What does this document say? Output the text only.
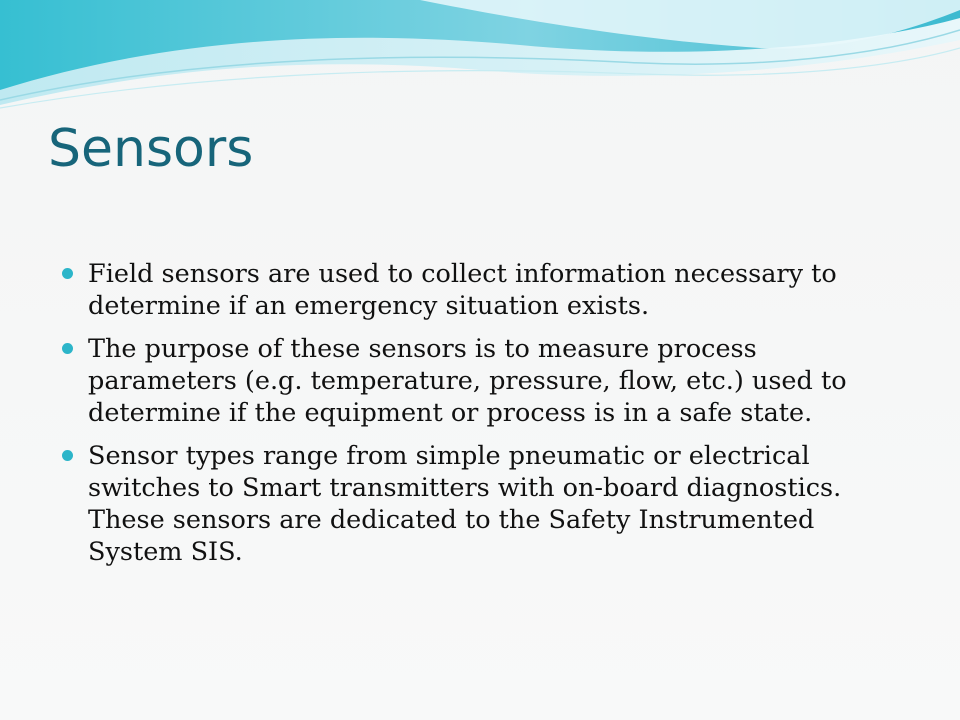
Sensors
Field sensors are used to collect information necessary to determine if an emergency situation exists.
The purpose of these sensors is to measure process parameters (e.g. temperature, pressure, flow, etc.) used to determine if the equipment or process is in a safe state.
Sensor types range from simple pneumatic or electrical switches to Smart transmitters with on-board diagnostics. These sensors are dedicated to the Safety Instrumented System SIS.
